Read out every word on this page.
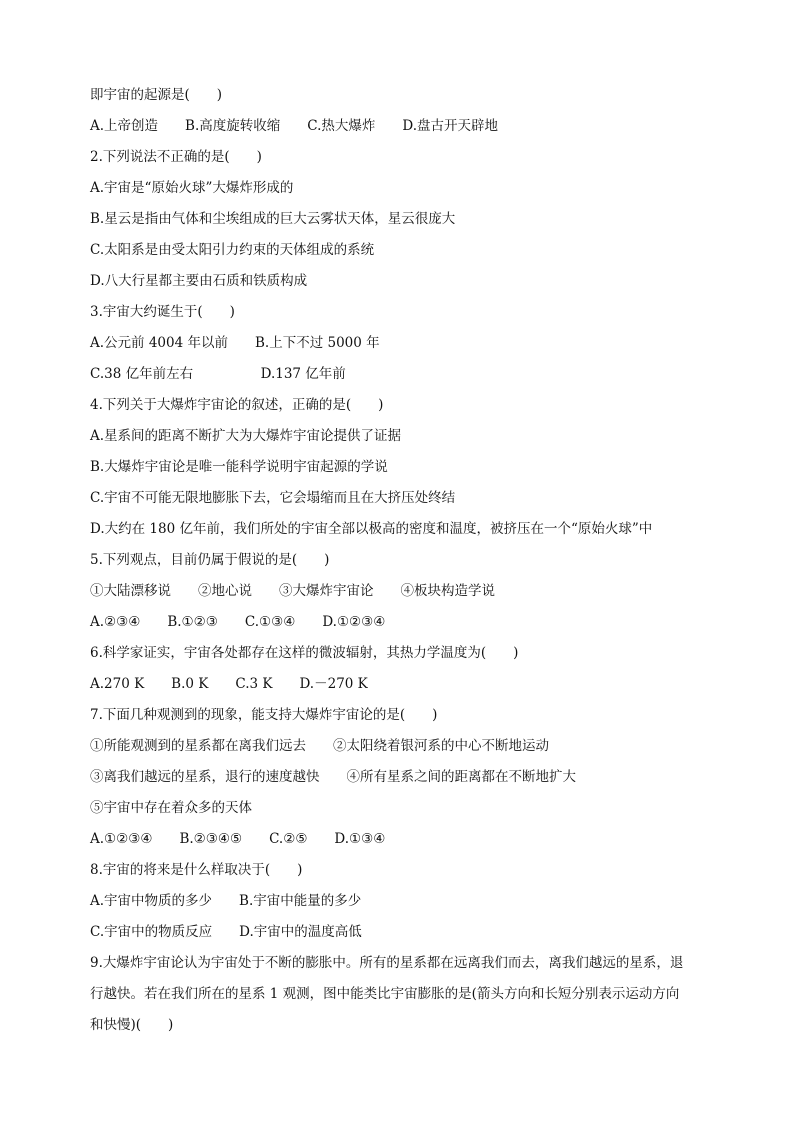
即宇宙的起源是(　　)
A.上帝创造　　B.高度旋转收缩　　C.热大爆炸　　D.盘古开天辟地
2.下列说法不正确的是(　　)
A.宇宙是“原始火球”大爆炸形成的
B.星云是指由气体和尘埃组成的巨大云雾状天体，星云很庞大
C.太阳系是由受太阳引力约束的天体组成的系统
D.八大行星都主要由石质和铁质构成
3.宇宙大约诞生于(　　)
A.公元前 4004 年以前　　B.上下不过 5000 年
C.38 亿年前左右　　　　　D.137 亿年前
4.下列关于大爆炸宇宙论的叙述，正确的是(　　)
A.星系间的距离不断扩大为大爆炸宇宙论提供了证据
B.大爆炸宇宙论是唯一能科学说明宇宙起源的学说
C.宇宙不可能无限地膨胀下去，它会塌缩而且在大挤压处终结
D.大约在 180 亿年前，我们所处的宇宙全部以极高的密度和温度，被挤压在一个“原始火球”中
5.下列观点，目前仍属于假说的是(　　)
①大陆漂移说　　②地心说　　③大爆炸宇宙论　　④板块构造学说
A.②③④　　B.①②③　　C.①③④　　D.①②③④
6.科学家证实，宇宙各处都存在这样的微波辐射，其热力学温度为(　　)
A.270 K　　B.0 K　　C.3 K　　D.－270 K
7.下面几种观测到的现象，能支持大爆炸宇宙论的是(　　)
①所能观测到的星系都在离我们远去　　②太阳绕着银河系的中心不断地运动
③离我们越远的星系，退行的速度越快　　④所有星系之间的距离都在不断地扩大
⑤宇宙中存在着众多的天体
A.①②③④　　B.②③④⑤　　C.②⑤　　D.①③④
8.宇宙的将来是什么样取决于(　　)
A.宇宙中物质的多少　　B.宇宙中能量的多少
C.宇宙中的物质反应　　D.宇宙中的温度高低
9.大爆炸宇宙论认为宇宙处于不断的膨胀中。所有的星系都在远离我们而去，离我们越远的星系，退
行越快。若在我们所在的星系 1 观测，图中能类比宇宙膨胀的是(箭头方向和长短分别表示运动方向
和快慢)(　　)
